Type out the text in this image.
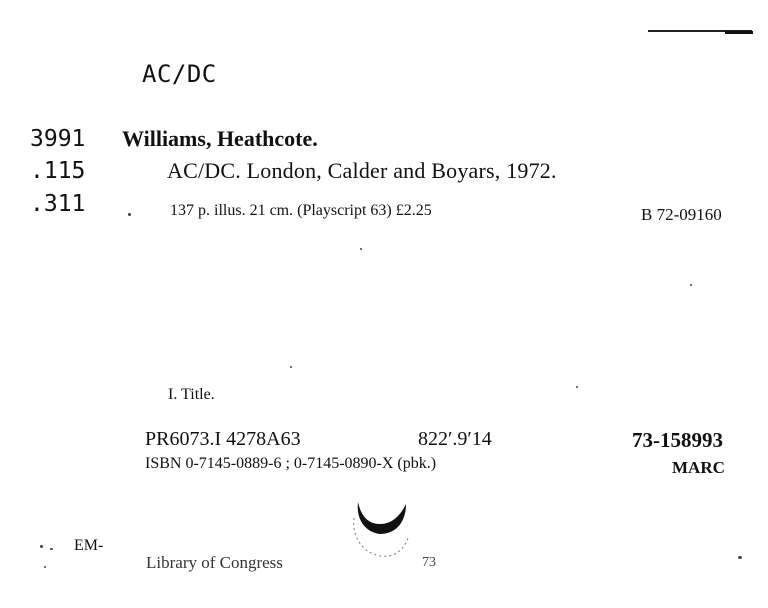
AC/DC
3991
.115
.311
Williams, Heathcote.
AC/DC. London, Calder and Boyars, 1972.
137 p. illus. 21 cm. (Playscript 63) £2.25	B 72-09160
I. Title.
PR6073.I 4278A63	822′.9′14	73-158993
ISBN 0-7145-0889-6 ; 0-7145-0890-X (pbk.)	MARC
EM-
Library of Congress	73
